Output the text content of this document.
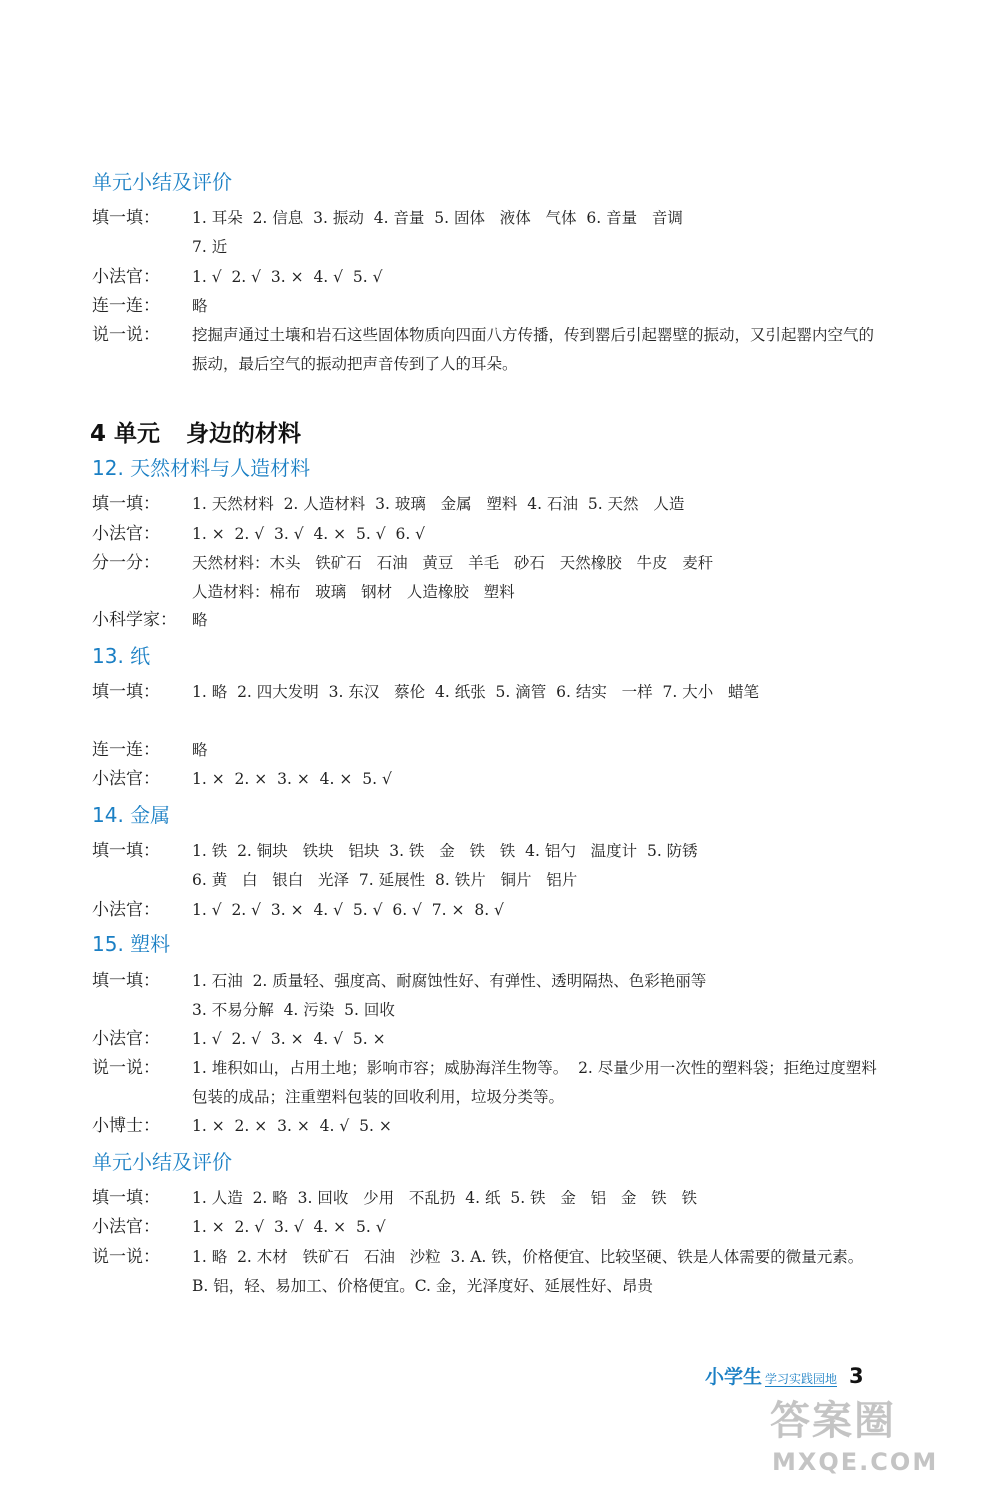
单元小结及评价
填一填： 1. 耳朵  2. 信息  3. 振动  4. 音量  5. 固体   液体   气体  6. 音量   音调
7. 近
小法官： 1. √  2. √  3. ×  4. √  5. √
连一连： 略
说一说： 挖掘声通过土壤和岩石这些固体物质向四面八方传播，传到罂后引起罂壁的振动，又引起罂内空气的振动，最后空气的振动把声音传到了人的耳朵。
4 单元 身边的材料
12. 天然材料与人造材料
填一填： 1. 天然材料  2. 人造材料  3. 玻璃   金属   塑料  4. 石油  5. 天然   人造
小法官： 1. ×  2. √  3. √  4. ×  5. √  6. √
分一分： 天然材料：木头   铁矿石   石油   黄豆   羊毛   砂石   天然橡胶   牛皮   麦秆
人造材料：棉布   玻璃   钢材   人造橡胶   塑料
小科学家： 略
13. 纸
填一填： 1. 略  2. 四大发明  3. 东汉   蔡伦  4. 纸张  5. 滴管  6. 结实   一样  7. 大小   蜡笔
连一连： 略
小法官： 1. ×  2. ×  3. ×  4. ×  5. √
14. 金属
填一填： 1. 铁  2. 铜块   铁块   铝块  3. 铁   金   铁   铁  4. 铝勺   温度计  5. 防锈
6. 黄   白   银白   光泽  7. 延展性  8. 铁片   铜片   铝片
小法官： 1. √  2. √  3. ×  4. √  5. √  6. √  7. ×  8. √
15. 塑料
填一填： 1. 石油  2. 质量轻、强度高、耐腐蚀性好、有弹性、透明隔热、色彩艳丽等
3. 不易分解  4. 污染  5. 回收
小法官： 1. √  2. √  3. ×  4. √  5. ×
说一说： 1. 堆积如山，占用土地；影响市容；威胁海洋生物等。  2. 尽量少用一次性的塑料袋；拒绝过度塑料包装的成品；注重塑料包装的回收利用，垃圾分类等。
小博士： 1. ×  2. ×  3. ×  4. √  5. ×
单元小结及评价
填一填： 1. 人造  2. 略  3. 回收   少用   不乱扔  4. 纸  5. 铁   金   铝   金   铁   铁
小法官： 1. ×  2. √  3. √  4. ×  5. √
说一说： 1. 略  2. 木材   铁矿石   石油   沙粒  3. A. 铁，价格便宜、比较坚硬、铁是人体需要的微量元素。B. 铝，轻、易加工、价格便宜。C. 金，光泽度好、延展性好、昂贵
小学生 学习实践园地 3
答案圈
MXQE.COM
